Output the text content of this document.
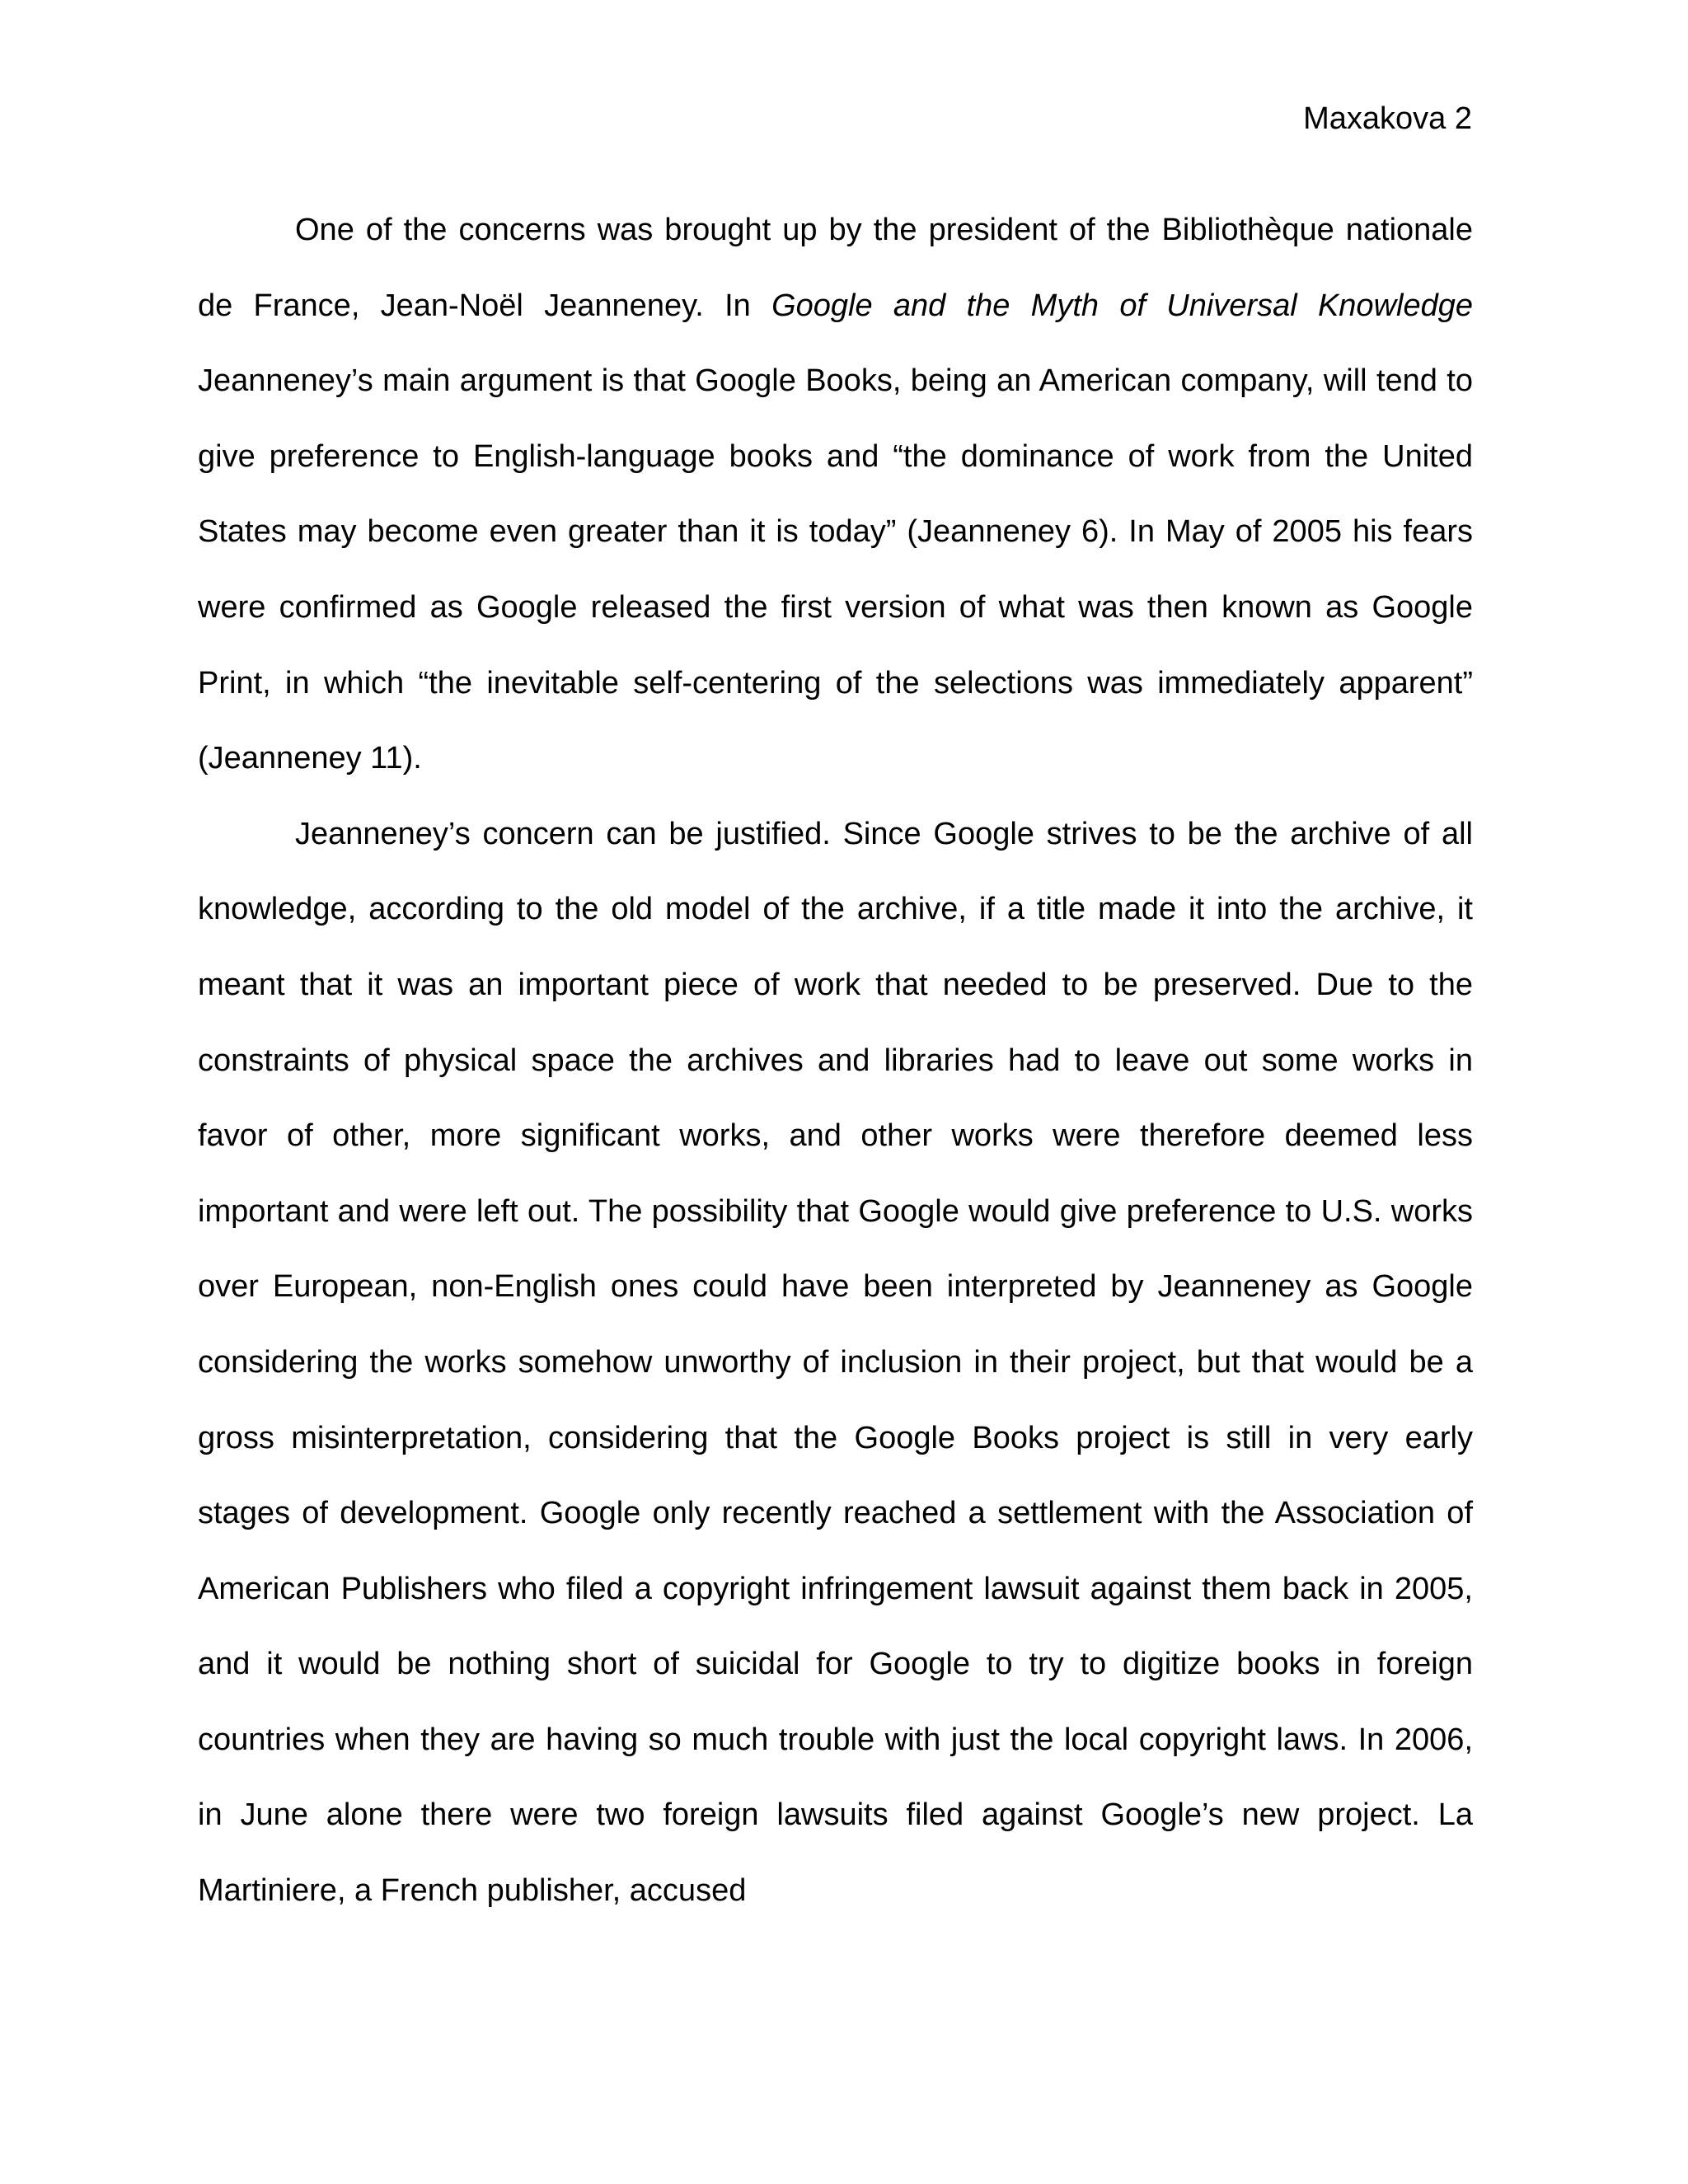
Maxakova 2

One of the concerns was brought up by the president of the Bibliothèque nationale de France, Jean-Noël Jeanneney. In Google and the Myth of Universal Knowledge Jeanneney’s main argument is that Google Books, being an American company, will tend to give preference to English-language books and “the dominance of work from the United States may become even greater than it is today” (Jeanneney 6). In May of 2005 his fears were confirmed as Google released the first version of what was then known as Google Print, in which “the inevitable self-centering of the selections was immediately apparent” (Jeanneney 11).

Jeanneney’s concern can be justified. Since Google strives to be the archive of all knowledge, according to the old model of the archive, if a title made it into the archive, it meant that it was an important piece of work that needed to be preserved. Due to the constraints of physical space the archives and libraries had to leave out some works in favor of other, more significant works, and other works were therefore deemed less important and were left out. The possibility that Google would give preference to U.S. works over European, non-English ones could have been interpreted by Jeanneney as Google considering the works somehow unworthy of inclusion in their project, but that would be a gross misinterpretation, considering that the Google Books project is still in very early stages of development. Google only recently reached a settlement with the Association of American Publishers who filed a copyright infringement lawsuit against them back in 2005, and it would be nothing short of suicidal for Google to try to digitize books in foreign countries when they are having so much trouble with just the local copyright laws. In 2006, in June alone there were two foreign lawsuits filed against Google’s new project. La Martiniere, a French publisher, accused
